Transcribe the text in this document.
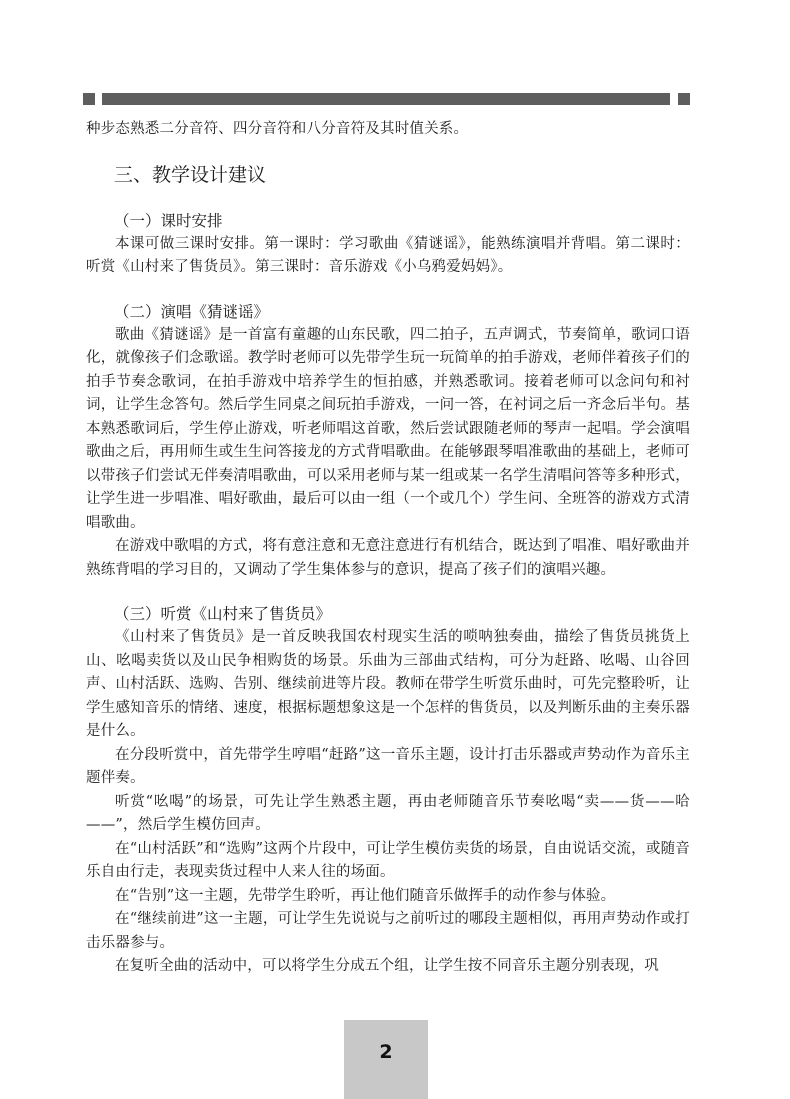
种步态熟悉二分音符、四分音符和八分音符及其时值关系。

三、教学设计建议
（一）课时安排

本课可做三课时安排。第一课时：学习歌曲《猜谜谣》，能熟练演唱并背唱。第二课时：听赏《山村来了售货员》。第三课时：音乐游戏《小乌鸦爱妈妈》。

（二）演唱《猜谜谣》

歌曲《猜谜谣》是一首富有童趣的山东民歌，四二拍子，五声调式，节奏简单，歌词口语化，就像孩子们念歌谣。教学时老师可以先带学生玩一玩简单的拍手游戏，老师伴着孩子们的拍手节奏念歌词，在拍手游戏中培养学生的恒拍感，并熟悉歌词。接着老师可以念问句和衬词，让学生念答句。然后学生同桌之间玩拍手游戏，一问一答，在衬词之后一齐念后半句。基本熟悉歌词后，学生停止游戏，听老师唱这首歌，然后尝试跟随老师的琴声一起唱。学会演唱歌曲之后，再用师生或生生问答接龙的方式背唱歌曲。在能够跟琴唱准歌曲的基础上，老师可以带孩子们尝试无伴奏清唱歌曲，可以采用老师与某一组或某一名学生清唱问答等多种形式，让学生进一步唱准、唱好歌曲，最后可以由一组（一个或几个）学生问、全班答的游戏方式清唱歌曲。

在游戏中歌唱的方式，将有意注意和无意注意进行有机结合，既达到了唱准、唱好歌曲并熟练背唱的学习目的，又调动了学生集体参与的意识，提高了孩子们的演唱兴趣。

（三）听赏《山村来了售货员》

《山村来了售货员》是一首反映我国农村现实生活的唢呐独奏曲，描绘了售货员挑货上山、吆喝卖货以及山民争相购货的场景。乐曲为三部曲式结构，可分为赶路、吆喝、山谷回声、山村活跃、选购、告别、继续前进等片段。教师在带学生听赏乐曲时，可先完整聆听，让学生感知音乐的情绪、速度，根据标题想象这是一个怎样的售货员，以及判断乐曲的主奏乐器是什么。

在分段听赏中，首先带学生哼唱“赶路”这一音乐主题，设计打击乐器或声势动作为音乐主题伴奏。

听赏“吆喝”的场景，可先让学生熟悉主题，再由老师随音乐节奏吆喝“卖——货——哈——”，然后学生模仿回声。

在“山村活跃”和“选购”这两个片段中，可让学生模仿卖货的场景，自由说话交流，或随音乐自由行走，表现卖货过程中人来人往的场面。

在“告别”这一主题，先带学生聆听，再让他们随音乐做挥手的动作参与体验。

在“继续前进”这一主题，可让学生先说说与之前听过的哪段主题相似，再用声势动作或打击乐器参与。

在复听全曲的活动中，可以将学生分成五个组，让学生按不同音乐主题分别表现，巩

2
